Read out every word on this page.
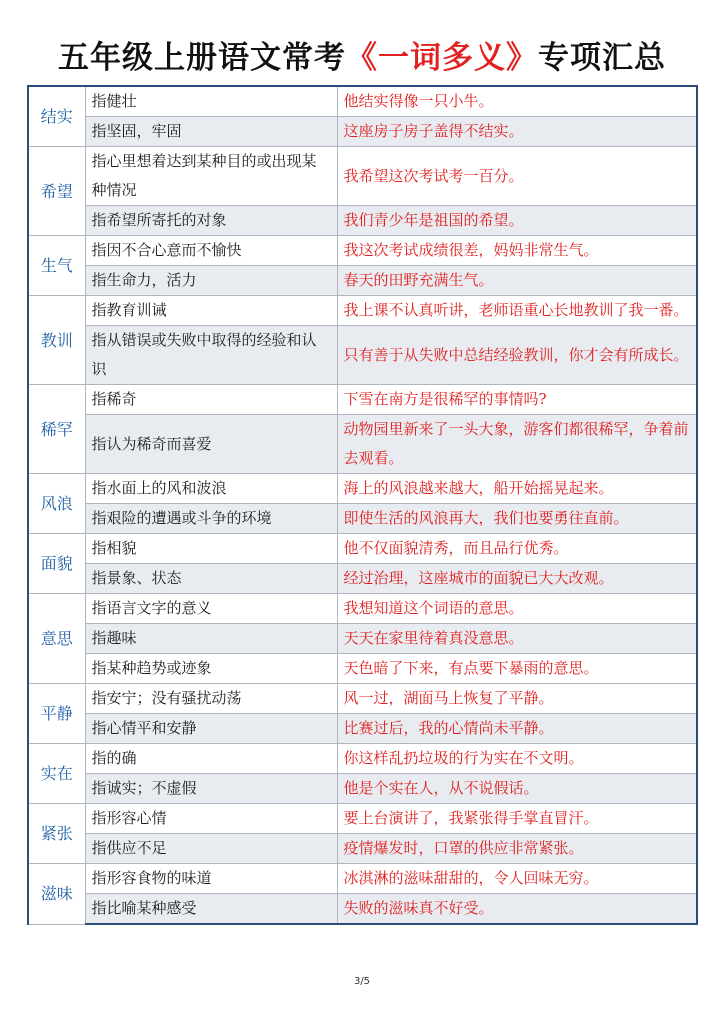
五年级上册语文常考《一词多义》专项汇总
结实	指健壮	他结实得像一只小牛。
	指坚固，牢固	这座房子房子盖得不结实。
希望	指心里想着达到某种目的或出现某种情况	我希望这次考试考一百分。
	指希望所寄托的对象	我们青少年是祖国的希望。
生气	指因不合心意而不愉快	我这次考试成绩很差，妈妈非常生气。
	指生命力，活力	春天的田野充满生气。
教训	指教育训诫	我上课不认真听讲，老师语重心长地教训了我一番。
	指从错误或失败中取得的经验和认识	只有善于从失败中总结经验教训，你才会有所成长。
稀罕	指稀奇	下雪在南方是很稀罕的事情吗?
	指认为稀奇而喜爱	动物园里新来了一头大象，游客们都很稀罕，争着前去观看。
风浪	指水面上的风和波浪	海上的风浪越来越大，船开始摇晃起来。
	指艰险的遭遇或斗争的环境	即使生活的风浪再大，我们也要勇往直前。
面貌	指相貌	他不仅面貌清秀，而且品行优秀。
	指景象、状态	经过治理，这座城市的面貌已大大改观。
意思	指语言文字的意义	我想知道这个词语的意思。
	指趣味	天天在家里待着真没意思。
	指某种趋势或迹象	天色暗了下来，有点要下暴雨的意思。
平静	指安宁；没有骚扰动荡	风一过，湖面马上恢复了平静。
	指心情平和安静	比赛过后，我的心情尚未平静。
实在	指的确	你这样乱扔垃圾的行为实在不文明。
	指诚实；不虚假	他是个实在人，从不说假话。
紧张	指形容心情	要上台演讲了，我紧张得手掌直冒汗。
	指供应不足	疫情爆发时，口罩的供应非常紧张。
滋味	指形容食物的味道	冰淇淋的滋味甜甜的，令人回味无穷。
	指比喻某种感受	失败的滋味真不好受。
3/5
